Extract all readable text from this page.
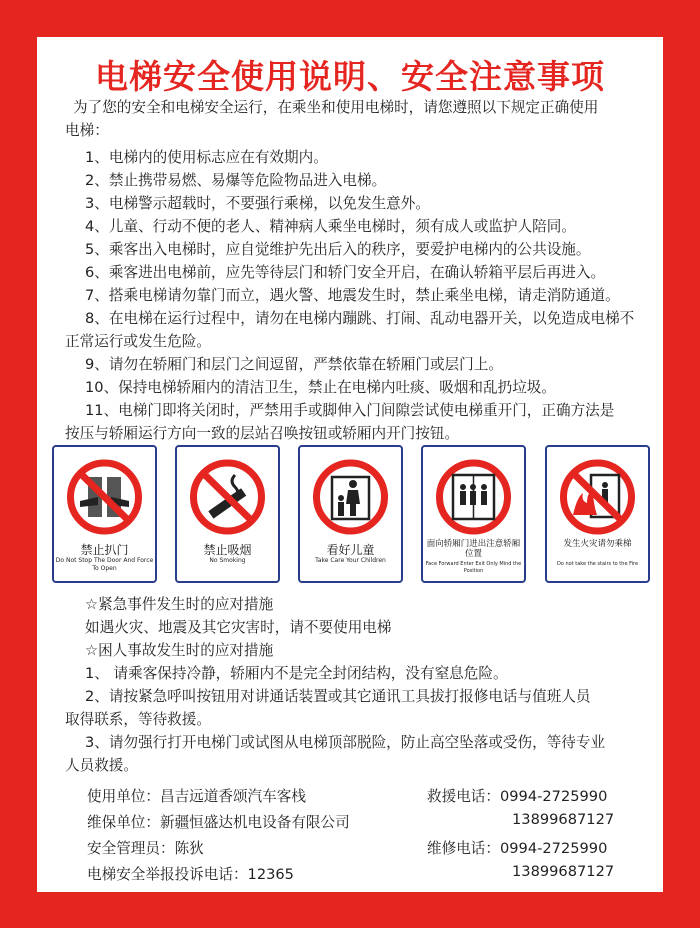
电梯安全使用说明、安全注意事项
为了您的安全和电梯安全运行，在乘坐和使用电梯时，请您遵照以下规定正确使用
电梯：
1、电梯内的使用标志应在有效期内。
2、禁止携带易燃、易爆等危险物品进入电梯。
3、电梯警示超载时，不要强行乘梯，以免发生意外。
4、儿童、行动不便的老人、精神病人乘坐电梯时，须有成人或监护人陪同。
5、乘客出入电梯时，应自觉维护先出后入的秩序，要爱护电梯内的公共设施。
6、乘客进出电梯前，应先等待层门和轿门安全开启，在确认轿箱平层后再进入。
7、搭乘电梯请勿靠门而立，遇火警、地震发生时，禁止乘坐电梯，请走消防通道。
8、在电梯在运行过程中，请勿在电梯内蹦跳、打闹、乱动电器开关，以免造成电梯不
正常运行或发生危险。
9、请勿在轿厢门和层门之间逗留，严禁依靠在轿厢门或层门上。
10、保持电梯轿厢内的清洁卫生，禁止在电梯内吐痰、吸烟和乱扔垃圾。
11、电梯门即将关闭时，严禁用手或脚伸入门间隙尝试使电梯重开门，正确方法是
按压与轿厢运行方向一致的层站召唤按钮或轿厢内开门按钮。
禁止扒门
Do Not Stop The Door And Force To Open
禁止吸烟
No Smoking
看好儿童
Take Care Your Children
面向轿厢门进出注意轿厢位置
Face Forward Enter Exit Only Mind the Position
发生火灾请勿乘梯
Do not take the stairs to the Fire
☆紧急事件发生时的应对措施
如遇火灾、地震及其它灾害时，请不要使用电梯
☆困人事故发生时的应对措施
1、 请乘客保持冷静，轿厢内不是完全封闭结构，没有窒息危险。
2、请按紧急呼叫按钮用对讲通话装置或其它通讯工具拔打报修电话与值班人员
取得联系，等待救援。
3、请勿强行打开电梯门或试图从电梯顶部脱险，防止高空坠落或受伤，等待专业
人员救援。
使用单位：昌吉远道香颂汽车客栈	救援电话：0994-2725990
维保单位：新疆恒盛达机电设备有限公司	13899687127
安全管理员：陈狄	维修电话：0994-2725990
电梯安全举报投诉电话：12365	13899687127
